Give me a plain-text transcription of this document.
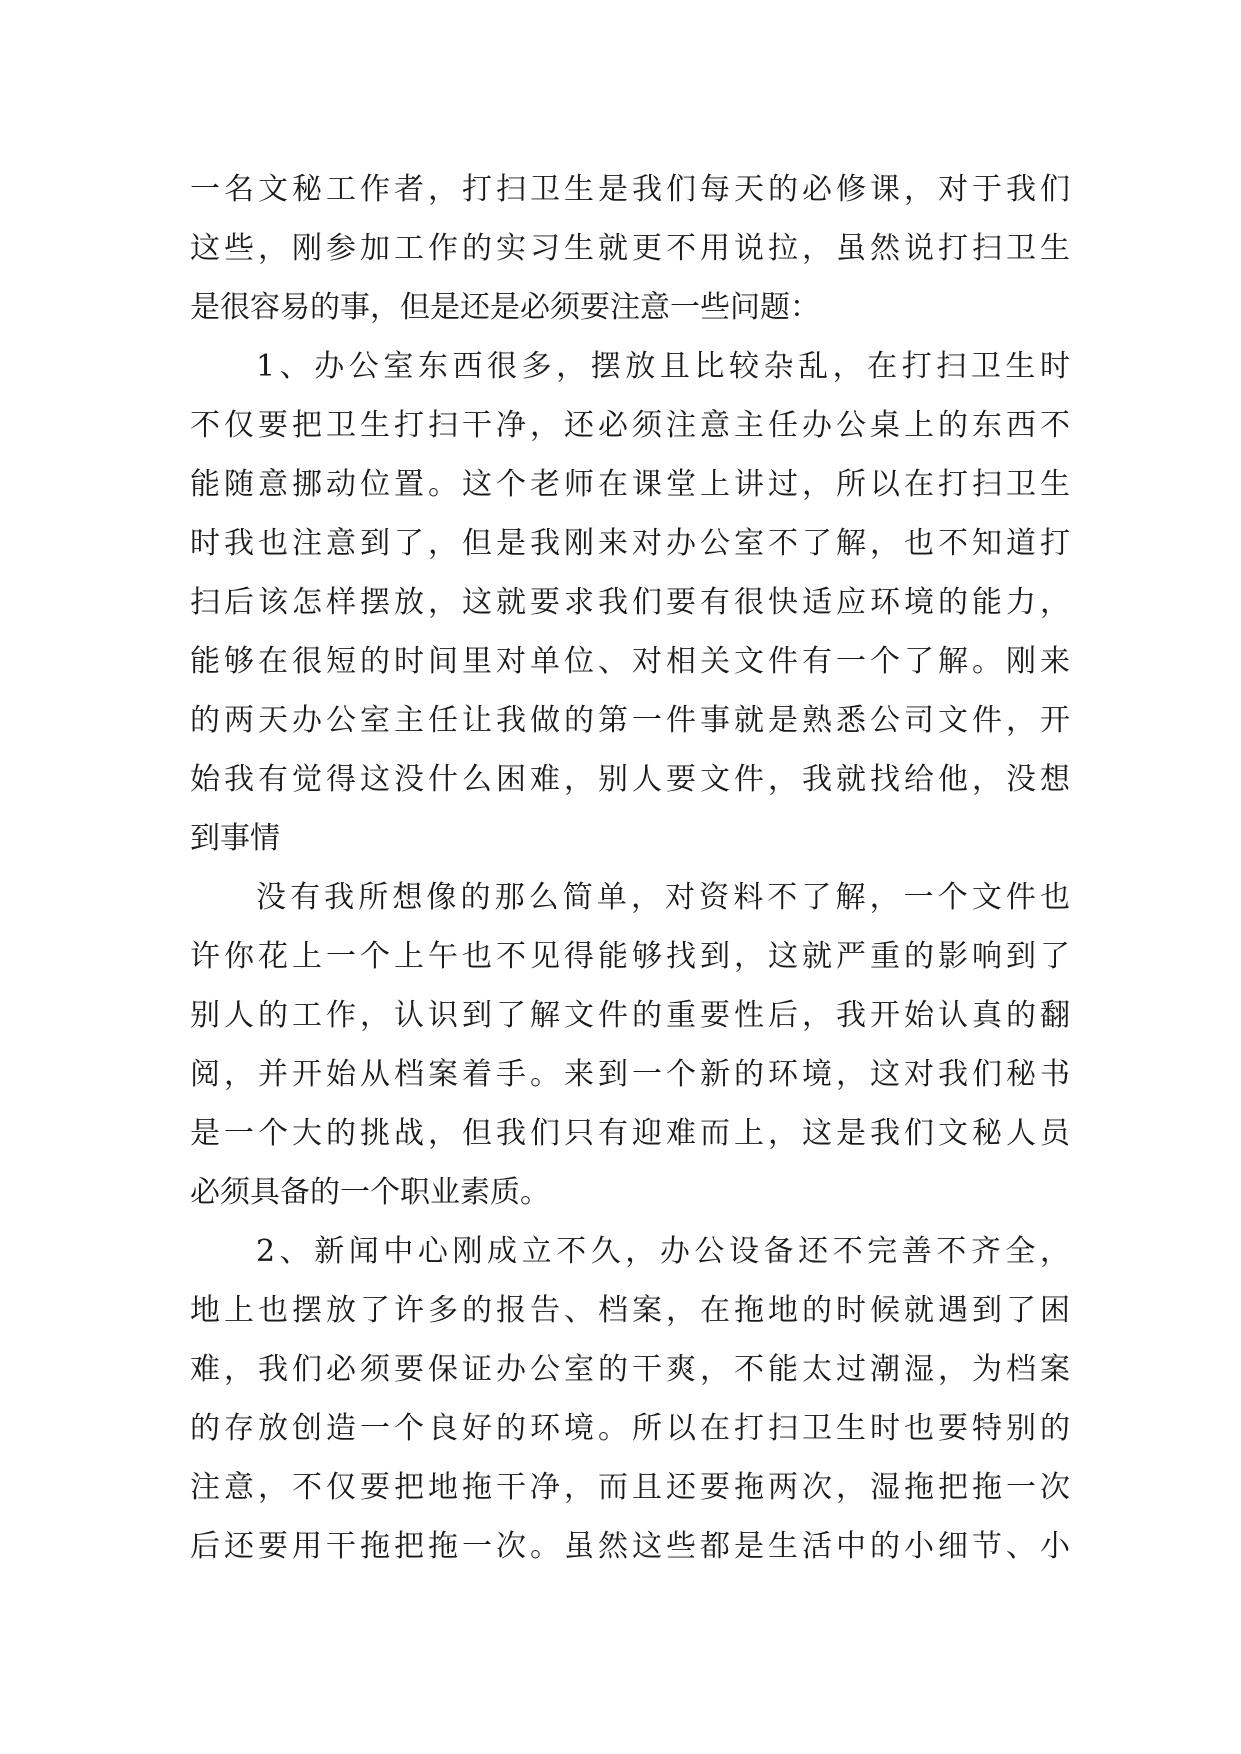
一名文秘工作者，打扫卫生是我们每天的必修课，对于我们
这些，刚参加工作的实习生就更不用说拉，虽然说打扫卫生
是很容易的事，但是还是必须要注意一些问题：
1、办公室东西很多，摆放且比较杂乱，在打扫卫生时
不仅要把卫生打扫干净，还必须注意主任办公桌上的东西不
能随意挪动位置。这个老师在课堂上讲过，所以在打扫卫生
时我也注意到了，但是我刚来对办公室不了解，也不知道打
扫后该怎样摆放，这就要求我们要有很快适应环境的能力，
能够在很短的时间里对单位、对相关文件有一个了解。刚来
的两天办公室主任让我做的第一件事就是熟悉公司文件，开
始我有觉得这没什么困难，别人要文件，我就找给他，没想
到事情
没有我所想像的那么简单，对资料不了解，一个文件也
许你花上一个上午也不见得能够找到，这就严重的影响到了
别人的工作，认识到了解文件的重要性后，我开始认真的翻
阅，并开始从档案着手。来到一个新的环境，这对我们秘书
是一个大的挑战，但我们只有迎难而上，这是我们文秘人员
必须具备的一个职业素质。
2、新闻中心刚成立不久，办公设备还不完善不齐全，
地上也摆放了许多的报告、档案，在拖地的时候就遇到了困
难，我们必须要保证办公室的干爽，不能太过潮湿，为档案
的存放创造一个良好的环境。所以在打扫卫生时也要特别的
注意，不仅要把地拖干净，而且还要拖两次，湿拖把拖一次
后还要用干拖把拖一次。虽然这些都是生活中的小细节、小
